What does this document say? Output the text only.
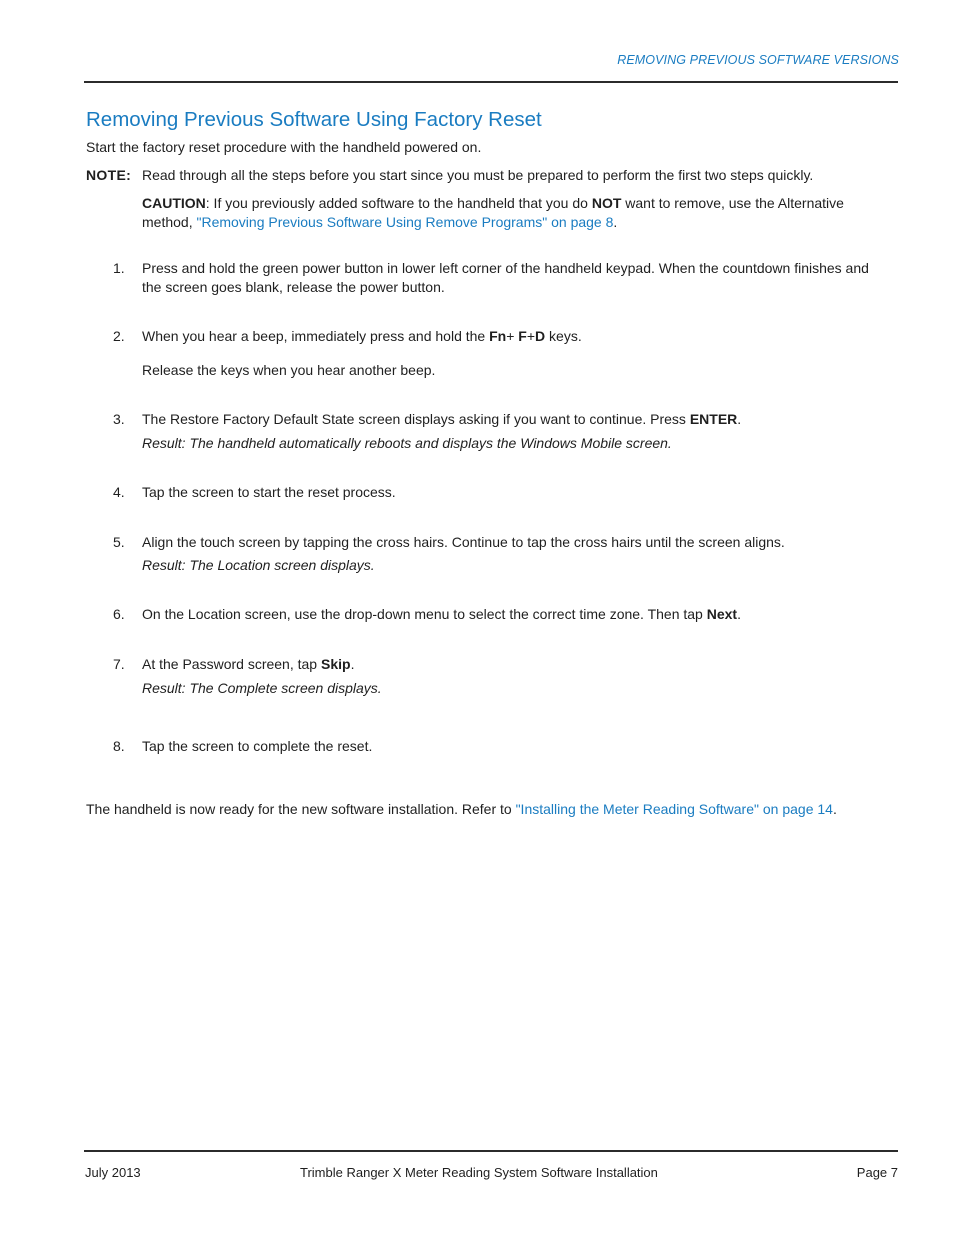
REMOVING PREVIOUS SOFTWARE VERSIONS
Removing Previous Software Using Factory Reset

Start the factory reset procedure with the handheld powered on.

NOTE: Read through all the steps before you start since you must be prepared to perform the first two steps quickly.

CAUTION: If you previously added software to the handheld that you do NOT want to remove, use the Alternative method, "Removing Previous Software Using Remove Programs" on page 8.

1. Press and hold the green power button in lower left corner of the handheld keypad. When the countdown finishes and the screen goes blank, release the power button.

2. When you hear a beep, immediately press and hold the Fn+ F+D keys.

Release the keys when you hear another beep.

3. The Restore Factory Default State screen displays asking if you want to continue. Press ENTER.

Result: The handheld automatically reboots and displays the Windows Mobile screen.

4. Tap the screen to start the reset process.

5. Align the touch screen by tapping the cross hairs. Continue to tap the cross hairs until the screen aligns.

Result: The Location screen displays.

6. On the Location screen, use the drop-down menu to select the correct time zone. Then tap Next.

7. At the Password screen, tap Skip.

Result: The Complete screen displays.

8. Tap the screen to complete the reset.

The handheld is now ready for the new software installation. Refer to "Installing the Meter Reading Software" on page 14.

July 2013	Trimble Ranger X Meter Reading System Software Installation	Page 7
